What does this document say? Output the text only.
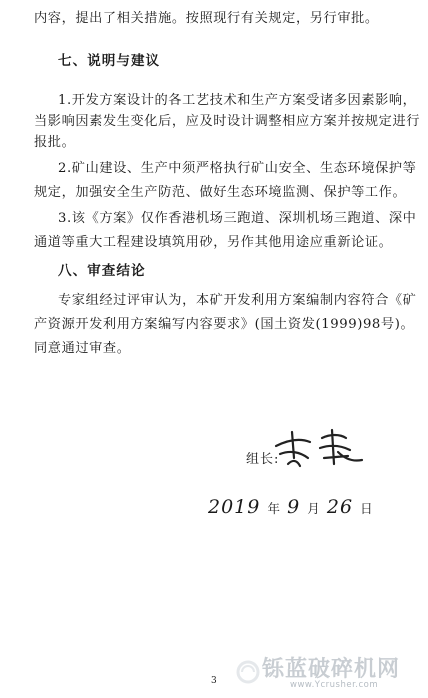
内容，提出了相关措施。按照现行有关规定，另行审批。
七、说明与建议
1.开发方案设计的各工艺技术和生产方案受诸多因素影响，
当影响因素发生变化后，应及时设计调整相应方案并按规定进行
报批。
2.矿山建设、生产中须严格执行矿山安全、生态环境保护等
规定，加强安全生产防范、做好生态环境监测、保护等工作。
3.该《方案》仅作香港机场三跑道、深圳机场三跑道、深中
通道等重大工程建设填筑用砂，另作其他用途应重新论证。
八、审查结论
专家组经过评审认为，本矿开发利用方案编制内容符合《矿
产资源开发利用方案编写内容要求》(国土资发(1999)98号)。
同意通过审查。
组长:
2019 年 9 月 26 日
3 铄蓝破碎机网
www.Ycrusher.com
